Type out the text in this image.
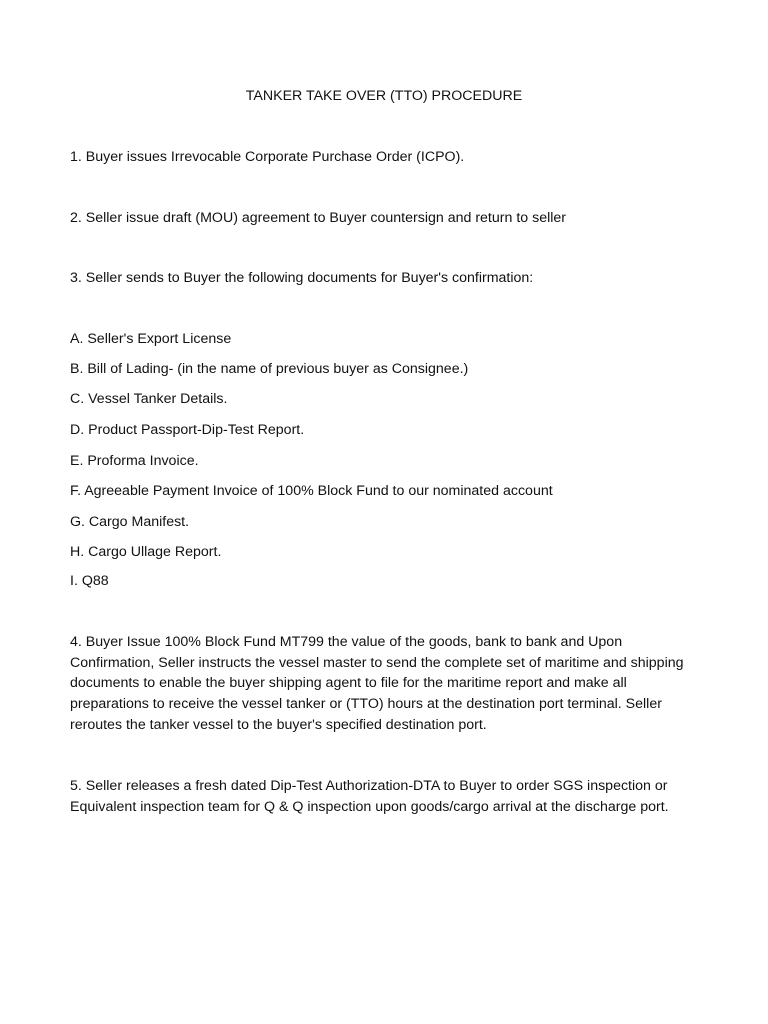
TANKER TAKE OVER (TTO) PROCEDURE

1. Buyer issues Irrevocable Corporate Purchase Order (ICPO).

2. Seller issue draft (MOU) agreement to Buyer countersign and return to seller

3. Seller sends to Buyer the following documents for Buyer's confirmation:

A. Seller's Export License

B. Bill of Lading- (in the name of previous buyer as Consignee.)

C. Vessel Tanker Details.

D. Product Passport-Dip-Test Report.

E. Proforma Invoice.

F. Agreeable Payment Invoice of 100% Block Fund to our nominated account

G. Cargo Manifest.

H. Cargo Ullage Report.

I. Q88

4. Buyer Issue 100% Block Fund MT799 the value of the goods, bank to bank and Upon Confirmation, Seller instructs the vessel master to send the complete set of maritime and shipping documents to enable the buyer shipping agent to file for the maritime report and make all preparations to receive the vessel tanker or (TTO) hours at the destination port terminal. Seller reroutes the tanker vessel to the buyer's specified destination port.

5. Seller releases a fresh dated Dip-Test Authorization-DTA to Buyer to order SGS inspection or Equivalent inspection team for Q & Q inspection upon goods/cargo arrival at the discharge port.
